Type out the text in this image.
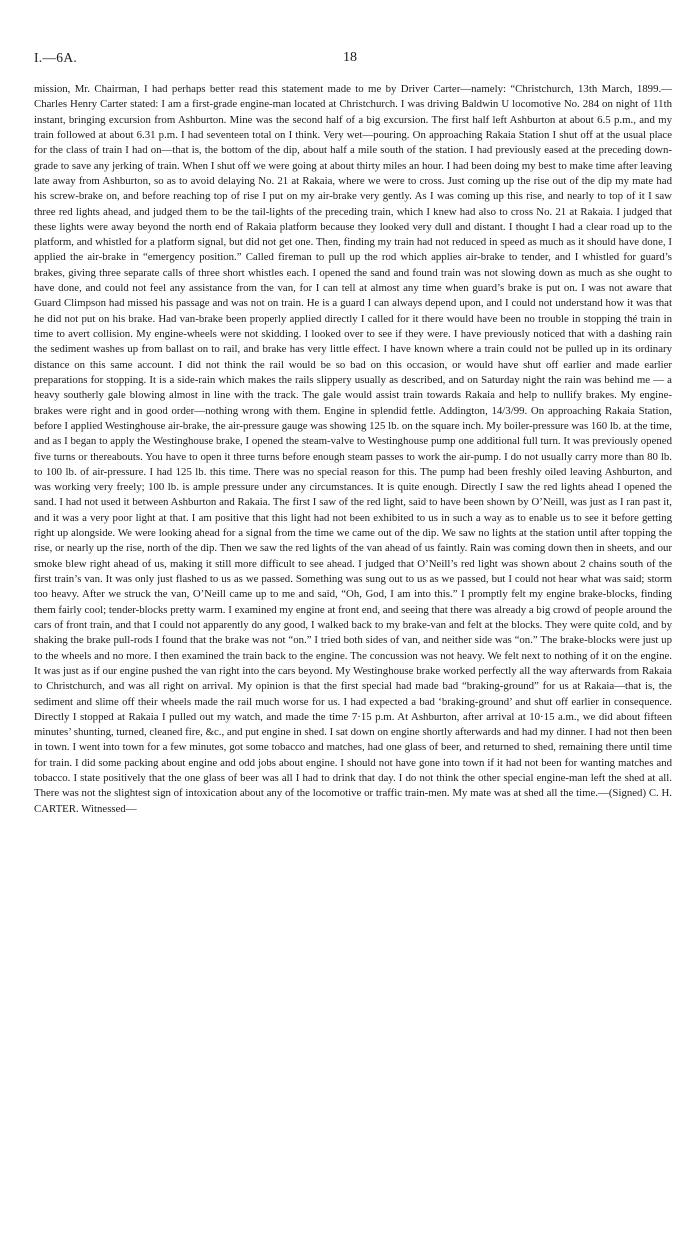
I.—6A.	18

mission, Mr. Chairman, I had perhaps better read this statement made to me by Driver Carter—namely: “Christchurch, 13th March, 1899.—Charles Henry Carter stated: I am a first-grade engine-man located at Christchurch. I was driving Baldwin U locomotive No. 284 on night of 11th instant, bringing excursion from Ashburton. Mine was the second half of a big excursion. The first half left Ashburton at about 6.5 p.m., and my train followed at about 6.31 p.m. I had seventeen total on I think. Very wet—pouring. On approaching Rakaia Station I shut off at the usual place for the class of train I had on—that is, the bottom of the dip, about half a mile south of the station. I had previously eased at the preceding down-grade to save any jerking of train. When I shut off we were going at about thirty miles an hour. I had been doing my best to make time after leaving late away from Ashburton, so as to avoid delaying No. 21 at Rakaia, where we were to cross. Just coming up the rise out of the dip my mate had his screw-brake on, and before reaching top of rise I put on my air-brake very gently. As I was coming up this rise, and nearly to top of it I saw three red lights ahead, and judged them to be the tail-lights of the preceding train, which I knew had also to cross No. 21 at Rakaia. I judged that these lights were away beyond the north end of Rakaia platform because they looked very dull and distant. I thought I had a clear road up to the platform, and whistled for a platform signal, but did not get one. Then, finding my train had not reduced in speed as much as it should have done, I applied the air-brake in “emergency position.” Called fireman to pull up the rod which applies air-brake to tender, and I whistled for guard’s brakes, giving three separate calls of three short whistles each. I opened the sand and found train was not slowing down as much as she ought to have done, and could not feel any assistance from the van, for I can tell at almost any time when guard’s brake is put on. I was not aware that Guard Climpson had missed his passage and was not on train. He is a guard I can always depend upon, and I could not understand how it was that he did not put on his brake. Had van-brake been properly applied directly I called for it there would have been no trouble in stopping thé train in time to avert collision. My engine-wheels were not skidding. I looked over to see if they were. I have previously noticed that with a dashing rain the sediment washes up from ballast on to rail, and brake has very little effect. I have known where a train could not be pulled up in its ordinary distance on this same account. I did not think the rail would be so bad on this occasion, or would have shut off earlier and made earlier preparations for stopping. It is a side-rain which makes the rails slippery usually as described, and on Saturday night the rain was behind me — a heavy southerly gale blowing almost in line with the track. The gale would assist train towards Rakaia and help to nullify brakes. My engine-brakes were right and in good order—nothing wrong with them. Engine in splendid fettle. Addington, 14/3/99. On approaching Rakaia Station, before I applied Westinghouse air-brake, the air-pressure gauge was showing 125 lb. on the square inch. My boiler-pressure was 160 lb. at the time, and as I began to apply the Westinghouse brake, I opened the steam-valve to Westinghouse pump one additional full turn. It was previously opened five turns or thereabouts. You have to open it three turns before enough steam passes to work the air-pump. I do not usually carry more than 80 lb. to 100 lb. of air-pressure. I had 125 lb. this time. There was no special reason for this. The pump had been freshly oiled leaving Ashburton, and was working very freely; 100 lb. is ample pressure under any circumstances. It is quite enough. Directly I saw the red lights ahead I opened the sand. I had not used it between Ashburton and Rakaia. The first I saw of the red light, said to have been shown by O’Neill, was just as I ran past it, and it was a very poor light at that. I am positive that this light had not been exhibited to us in such a way as to enable us to see it before getting right up alongside. We were looking ahead for a signal from the time we came out of the dip. We saw no lights at the station until after topping the rise, or nearly up the rise, north of the dip. Then we saw the red lights of the van ahead of us faintly. Rain was coming down then in sheets, and our smoke blew right ahead of us, making it still more difficult to see ahead. I judged that O’Neill’s red light was shown about 2 chains south of the first train’s van. It was only just flashed to us as we passed. Something was sung out to us as we passed, but I could not hear what was said; storm too heavy. After we struck the van, O’Neill came up to me and said, “Oh, God, I am into this.” I promptly felt my engine brake-blocks, finding them fairly cool; tender-blocks pretty warm. I examined my engine at front end, and seeing that there was already a big crowd of people around the cars of front train, and that I could not apparently do any good, I walked back to my brake-van and felt at the blocks. They were quite cold, and by shaking the brake pull-rods I found that the brake was not “on.” I tried both sides of van, and neither side was “on.” The brake-blocks were just up to the wheels and no more. I then examined the train back to the engine. The concussion was not heavy. We felt next to nothing of it on the engine. It was just as if our engine pushed the van right into the cars beyond. My Westinghouse brake worked perfectly all the way afterwards from Rakaia to Christchurch, and was all right on arrival. My opinion is that the first special had made bad “braking-ground” for us at Rakaia—that is, the sediment and slime off their wheels made the rail much worse for us. I had expected a bad ‘braking-ground’ and shut off earlier in consequence. Directly I stopped at Rakaia I pulled out my watch, and made the time 7·15 p.m. At Ashburton, after arrival at 10·15 a.m., we did about fifteen minutes’ shunting, turned, cleaned fire, &c., and put engine in shed. I sat down on engine shortly afterwards and had my dinner. I had not then been in town. I went into town for a few minutes, got some tobacco and matches, had one glass of beer, and returned to shed, remaining there until time for train. I did some packing about engine and odd jobs about engine. I should not have gone into town if it had not been for wanting matches and tobacco. I state positively that the one glass of beer was all I had to drink that day. I do not think the other special engine-man left the shed at all. There was not the slightest sign of intoxication about any of the locomotive or traffic train-men. My mate was at shed all the time.—(Signed) C. H. CARTER. Witnessed—
